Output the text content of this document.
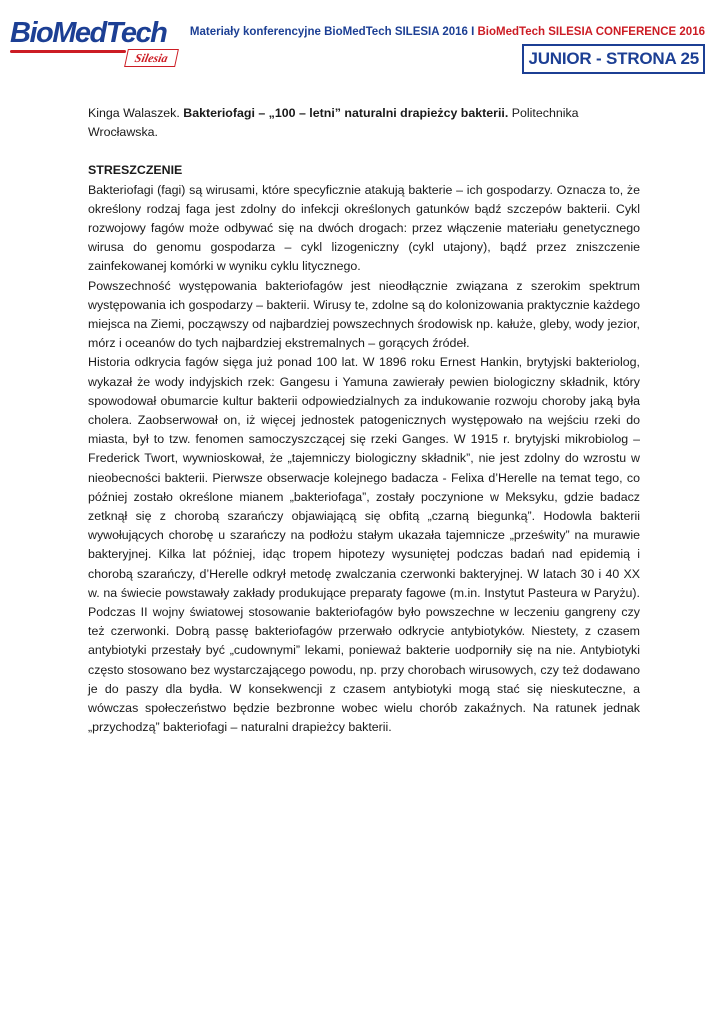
BioMedTech
Silesia
Materiały konferencyjne BioMedTech SILESIA 2016 I BioMedTech SILESIA CONFERENCE 2016
JUNIOR - STRONA 25

Kinga Walaszek. Bakteriofagi – „100 – letni” naturalni drapieżcy bakterii. Politechnika Wrocławska.

STRESZCZENIE

Bakteriofagi (fagi) są wirusami, które specyficznie atakują bakterie – ich gospodarzy. Oznacza to, że określony rodzaj faga jest zdolny do infekcji określonych gatunków bądź szczepów bakterii. Cykl rozwojowy fagów może odbywać się na dwóch drogach: przez włączenie materiału genetycznego wirusa do genomu gospodarza – cykl lizogeniczny (cykl utajony), bądź przez zniszczenie zainfekowanej komórki w wyniku cyklu litycznego.

Powszechność występowania bakteriofagów jest nieodłącznie związana z szerokim spektrum występowania ich gospodarzy – bakterii. Wirusy te, zdolne są do kolonizowania praktycznie każdego miejsca na Ziemi, począwszy od najbardziej powszechnych środowisk np. kałuże, gleby, wody jezior, mórz i oceanów do tych najbardziej ekstremalnych – gorących źródeł.

Historia odkrycia fagów sięga już ponad 100 lat. W 1896 roku Ernest Hankin, brytyjski bakteriolog, wykazał że wody indyjskich rzek: Gangesu i Yamuna zawierały pewien biologiczny składnik, który spowodował obumarcie kultur bakterii odpowiedzialnych za indukowanie rozwoju choroby jaką była cholera. Zaobserwował on, iż więcej jednostek patogenicznych występowało na wejściu rzeki do miasta, był to tzw. fenomen samoczyszczącej się rzeki Ganges. W 1915 r. brytyjski mikrobiolog – Frederick Twort, wywnioskował, że „tajemniczy biologiczny składnik”, nie jest zdolny do wzrostu w nieobecności bakterii. Pierwsze obserwacje kolejnego badacza - Felixa d’Herelle na temat tego, co później zostało określone mianem „bakteriofaga”, zostały poczynione w Meksyku, gdzie badacz zetknął się z chorobą szarańczy objawiającą się obfitą „czarną biegunką”. Hodowla bakterii wywołujących chorobę u szarańczy na podłożu stałym ukazała tajemnicze „prześwity” na murawie bakteryjnej. Kilka lat później, idąc tropem hipotezy wysuniętej podczas badań nad epidemią i chorobą szarańczy, d’Herelle odkrył metodę zwalczania czerwonki bakteryjnej. W latach 30 i 40 XX w. na świecie powstawały zakłady produkujące preparaty fagowe (m.in. Instytut Pasteura w Paryżu). Podczas II wojny światowej stosowanie bakteriofagów było powszechne w leczeniu gangreny czy też czerwonki. Dobrą passę bakteriofagów przerwało odkrycie antybiotyków. Niestety, z czasem antybiotyki przestały być „cudownymi” lekami, ponieważ bakterie uodporniły się na nie. Antybiotyki często stosowano bez wystarczającego powodu, np. przy chorobach wirusowych, czy też dodawano je do paszy dla bydła. W konsekwencji z czasem antybiotyki mogą stać się nieskuteczne, a wówczas społeczeństwo będzie bezbronne wobec wielu chorób zakaźnych. Na ratunek jednak „przychodzą” bakteriofagi – naturalni drapieżcy bakterii.
